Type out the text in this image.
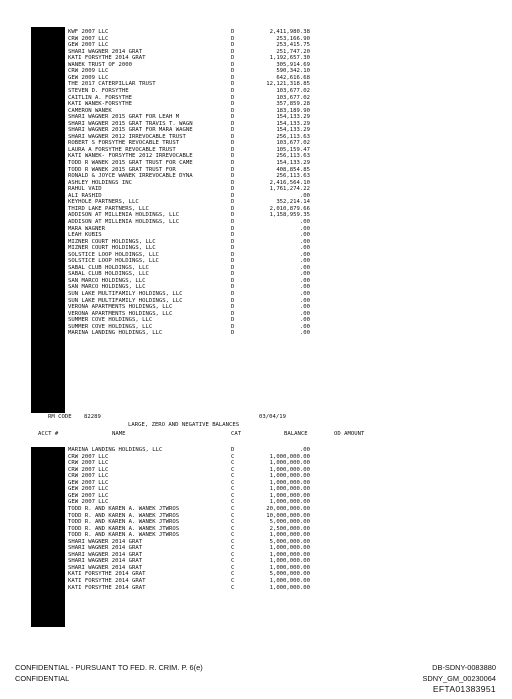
KWF 2007 LLC	D	2,411,980.38
CRW 2007 LLC	D	253,166.90
GEW 2007 LLC	D	253,415.75
SHARI WAGNER 2014 GRAT	D	251,747.20
KATI FORSYTHE 2014 GRAT	D	1,192,657.30
WANEK TRUST OF 2000	D	305,914.69
CRW 2009 LLC	D	590,342.10
GEW 2009 LLC	D	642,616.68
THE 2017 CATERPILLAR TRUST	D	12,121,318.85
STEVEN D. FORSYTHE	D	103,677.02
CAITLIN A. FORSYTHE	D	103,677.02
KATI WANEK-FORSYTHE	D	357,859.28
CAMERON WANEK	D	183,189.90
SHARI WAGNER 2015 GRAT FOR LEAH M	D	154,133.29
SHARI WAGNER 2015 GRAT TRAVIS T. WAGN	D	154,133.29
SHARI WAGNER 2015 GRAT FOR MARA WAGNE	D	154,133.29
SHARI WAGNER 2012 IRREVOCABLE TRUST	D	256,113.63
ROBERT S FORSYTHE REVOCABLE TRUST	D	103,677.02
LAURA A FORSYTHE REVOCABLE TRUST	D	105,159.47
KATI WANEK- FORSYTHE 2012 IRREVOCABLE	D	256,113.63
TODD R WANEK 2015 GRAT TRUST FOR CAME	D	154,133.29
TODD R WANEK 2015 GRAT TRUST FOR	D	408,854.85
RONALD & JOYCE WANEK IRREVOCABLE DYNA	D	256,113.63
ASHLEY HOLDINGS INC	D	2,416,564.10
RAHUL VAID	D	1,761,274.22
ALI RASHID	D	.00
KEYHOLE PARTNERS, LLC	D	352,214.14
THIRD LAKE PARTNERS, LLC	D	2,010,879.66
ADDISON AT MILLENIA HOLDINGS, LLC	D	1,158,959.35
ADDISON AT MILLENIA HOLDINGS, LLC	D	.00
MARA WAGNER	D	.00
LEAH KUBIS	D	.00
MIZNER COURT HOLDINGS, LLC	D	.00
MIZNER COURT HOLDINGS, LLC	D	.00
SOLSTICE LOOP HOLDINGS, LLC	D	.00
SOLSTICE LOOP HOLDINGS, LLC	D	.00
SABAL CLUB HOLDINGS, LLC	D	.00
SABAL CLUB HOLDINGS, LLC	D	.00
SAN MARCO HOLDINGS, LLC	D	.00
SAN MARCO HOLDINGS, LLC	D	.00
SUN LAKE MULTIFAMILY HOLDINGS, LLC	D	.00
SUN LAKE MULTIFAMILY HOLDINGS, LLC	D	.00
VERONA APARTMENTS HOLDINGS, LLC	D	.00
VERONA APARTMENTS HOLDINGS, LLC	D	.00
SUMMER COVE HOLDINGS, LLC	D	.00
SUMMER COVE HOLDINGS, LLC	D	.00
MARINA LANDING HOLDINGS, LLC	D	.00
RM CODE 82289	03/04/19
LARGE, ZERO AND NEGATIVE BALANCES
ACCT #	NAME	CAT	BALANCE	OD AMOUNT
MARINA LANDING HOLDINGS, LLC	D	.00
CRW 2007 LLC	C	1,000,000.00
CRW 2007 LLC	C	1,000,000.00
CRW 2007 LLC	C	1,000,000.00
CRW 2007 LLC	C	1,000,000.00
GEW 2007 LLC	C	1,000,000.00
GEW 2007 LLC	C	1,000,000.00
GEW 2007 LLC	C	1,000,000.00
GEW 2007 LLC	C	1,000,000.00
TODD R. AND KAREN A. WANEK JTWROS	C	20,000,000.00
TODD R. AND KAREN A. WANEK JTWROS	C	10,000,000.00
TODD R. AND KAREN A. WANEK JTWROS	C	5,000,000.00
TODD R. AND KAREN A. WANEK JTWROS	C	2,500,000.00
TODD R. AND KAREN A. WANEK JTWROS	C	1,000,000.00
SHARI WAGNER 2014 GRAT	C	5,000,000.00
SHARI WAGNER 2014 GRAT	C	1,000,000.00
SHARI WAGNER 2014 GRAT	C	1,000,000.00
SHARI WAGNER 2014 GRAT	C	1,000,000.00
SHARI WAGNER 2014 GRAT	C	1,000,000.00
KATI FORSYTHE 2014 GRAT	C	5,000,000.00
KATI FORSYTHE 2014 GRAT	C	1,000,000.00
KATI FORSYTHE 2014 GRAT	C	1,000,000.00
CONFIDENTIAL - PURSUANT TO FED. R. CRIM. P. 6(e)
CONFIDENTIAL
DB-SDNY-0083880
SDNY_GM_00230064
EFTA01383951
